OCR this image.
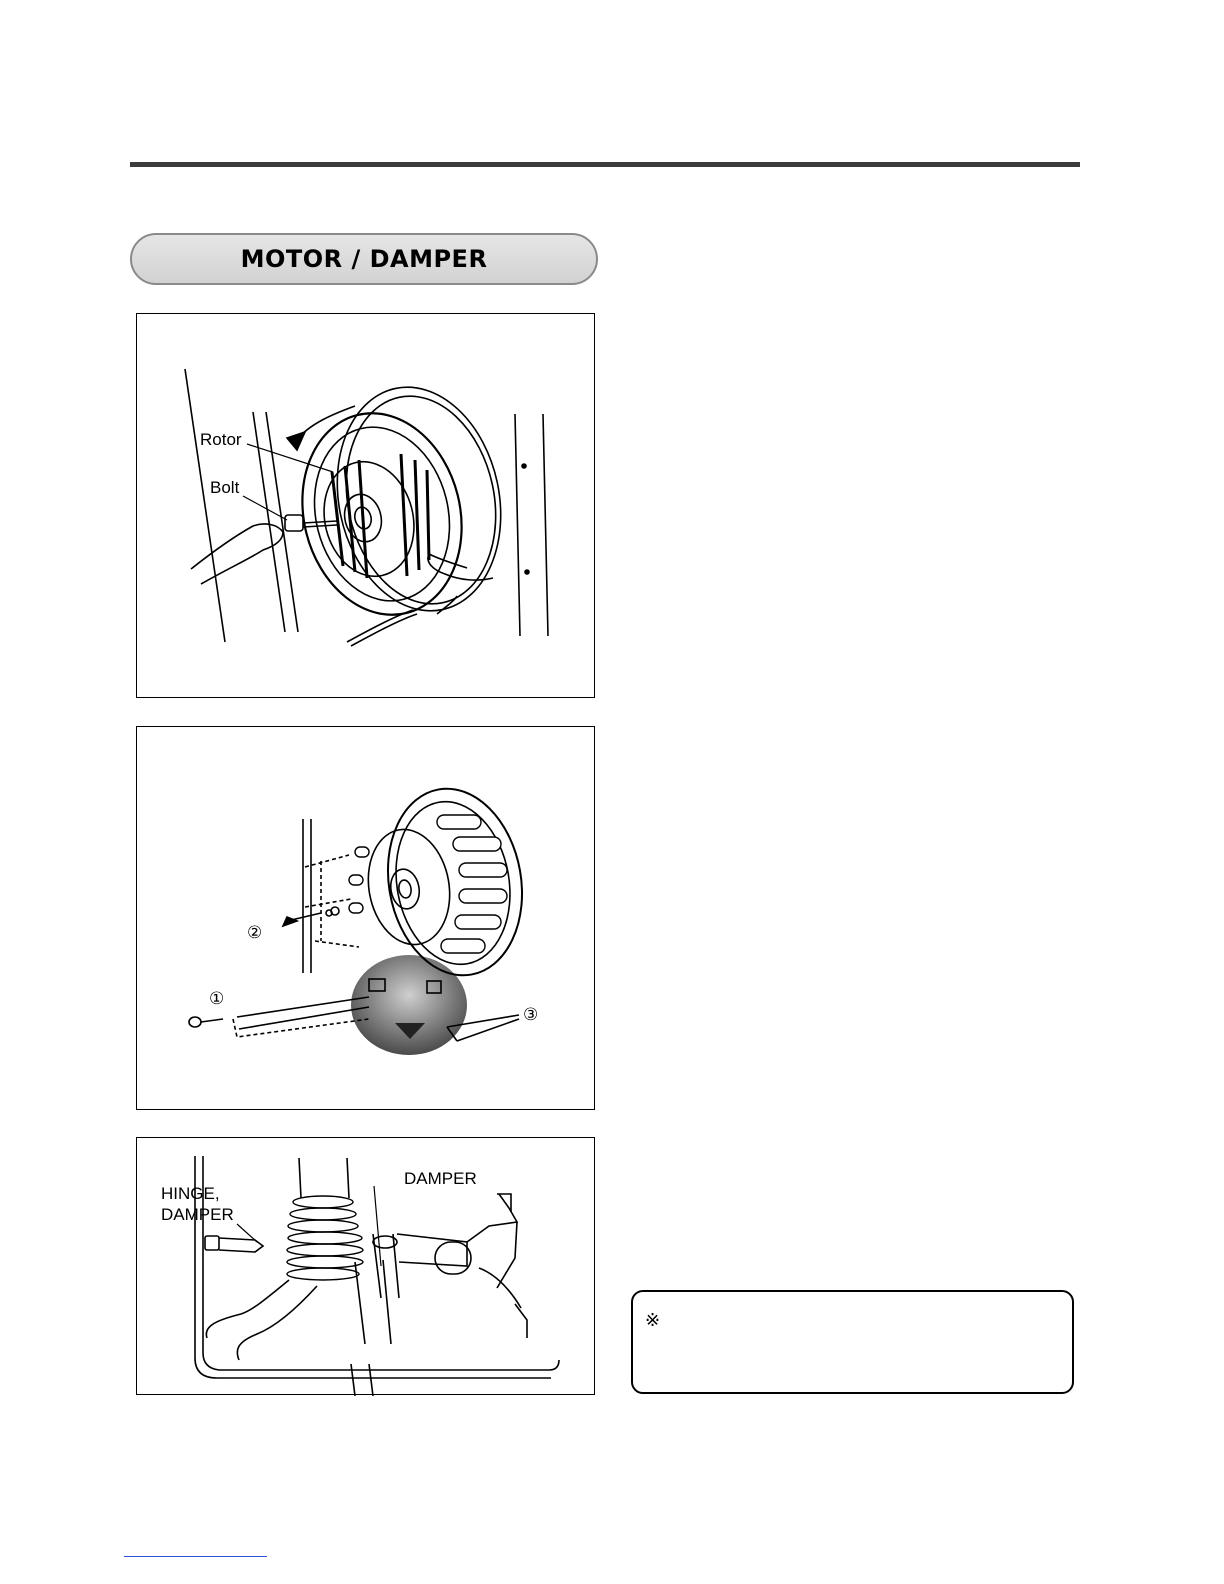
MOTOR / DAMPER
Rotor
Bolt
②
①
③
HINGE,
DAMPER
DAMPER
※
